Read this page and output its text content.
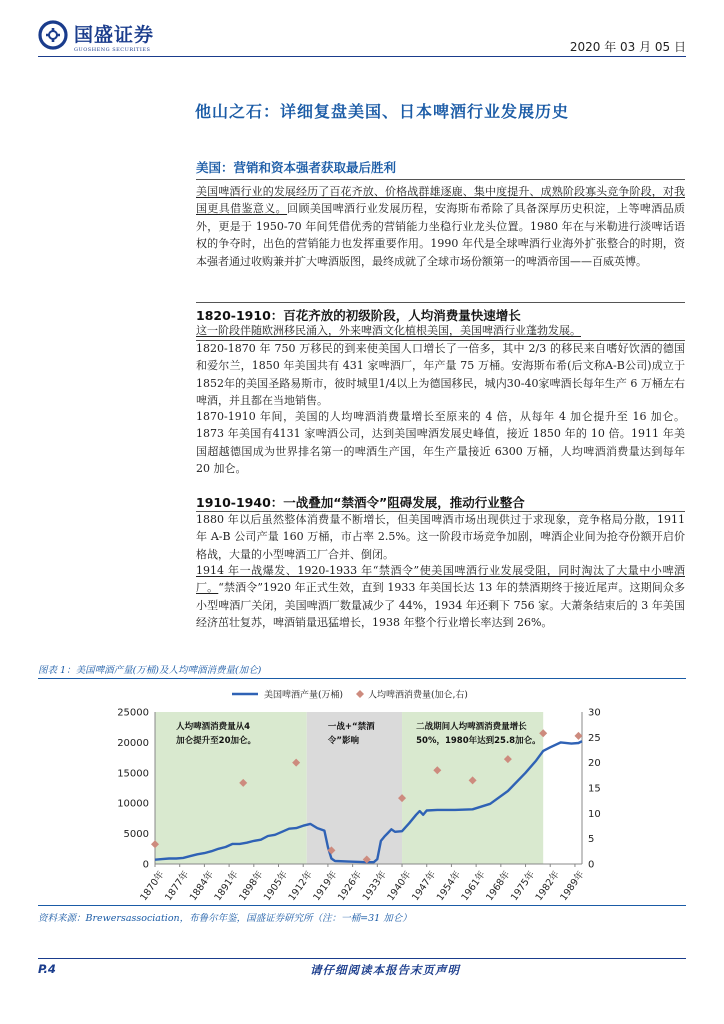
国盛证券
GUOSHENG SECURITIES	2020 年 03 月 05 日
他山之石：详细复盘美国、日本啤酒行业发展历史
美国：营销和资本强者获取最后胜利

美国啤酒行业的发展经历了百花齐放、价格战群雄逐鹿、集中度提升、成熟阶段寡头竞争阶段，对我国更具借鉴意义。回顾美国啤酒行业发展历程，安海斯布希除了具备深厚历史积淀，上等啤酒品质外，更是于 1950-70 年间凭借优秀的营销能力坐稳行业龙头位置。1980 年在与米勒进行淡啤话语权的争夺时，出色的营销能力也发挥重要作用。1990 年代是全球啤酒行业海外扩张整合的时期，资本强者通过收购兼并扩大啤酒版图，最终成就了全球市场份额第一的啤酒帝国——百威英博。

1820-1910：百花齐放的初级阶段，人均消费量快速增长

这一阶段伴随欧洲移民涌入，外来啤酒文化植根美国，美国啤酒行业蓬勃发展。

1820-1870 年 750 万移民的到来使美国人口增长了一倍多，其中 2/3 的移民来自嗜好饮酒的德国和爱尔兰，1850 年美国共有 431 家啤酒厂，年产量 75 万桶。安海斯布希(后文称A-B公司)成立于1852年的美国圣路易斯市，彼时城里1/4以上为德国移民，城内30-40家啤酒长每年生产 6 万桶左右啤酒，并且都在当地销售。

1870-1910 年间，美国的人均啤酒消费量增长至原来的 4 倍，从每年 4 加仑提升至 16 加仑。1873 年美国有4131 家啤酒公司，达到美国啤酒发展史峰值，接近 1850 年的 10 倍。1911 年美国超越德国成为世界排名第一的啤酒生产国，年生产量接近 6300 万桶，人均啤酒消费量达到每年 20 加仑。

1910-1940：一战叠加“禁酒令”阻碍发展，推动行业整合

1880 年以后虽然整体消费量不断增长，但美国啤酒市场出现供过于求现象，竞争格局分散，1911 年 A-B 公司产量 160 万桶，市占率 2.5%。这一阶段市场竞争加剧，啤酒企业间为抢夺份额开启价格战，大量的小型啤酒工厂合并、倒闭。

1914 年一战爆发、1920-1933 年“禁酒令”使美国啤酒行业发展受阻，同时淘汰了大量中小啤酒厂。“禁酒令”1920 年正式生效，直到 1933 年美国长达 13 年的禁酒期终于接近尾声。这期间众多小型啤酒厂关闭，美国啤酒厂数量减少了 44%，1934 年还剩下 756 家。大萧条结束后的 3 年美国经济茁壮复苏，啤酒销量迅猛增长，1938 年整个行业增长率达到 26%。

图表 1：美国啤酒产量(万桶)及人均啤酒消费量(加仑)
0
5000
10000
15000
20000
25000
0
5
10
15
20
25
30
1870年
1877年
1884年
1891年
1898年
1905年
1912年
1919年
1926年
1933年
1940年
1947年
1954年
1961年
1968年
1975年
1982年
1989年
人均啤酒消费量从4
加仑提升至20加仑。
一战+“禁酒
令”影响
二战期间人均啤酒消费量增长
50%，1980年达到25.8加仑。
美国啤酒产量(万桶)	人均啤酒消费量(加仑,右)
资料来源：Brewersassociation，布鲁尔年鉴，国盛证券研究所（注：一桶=31 加仑）
P.4	请仔细阅读本报告末页声明
